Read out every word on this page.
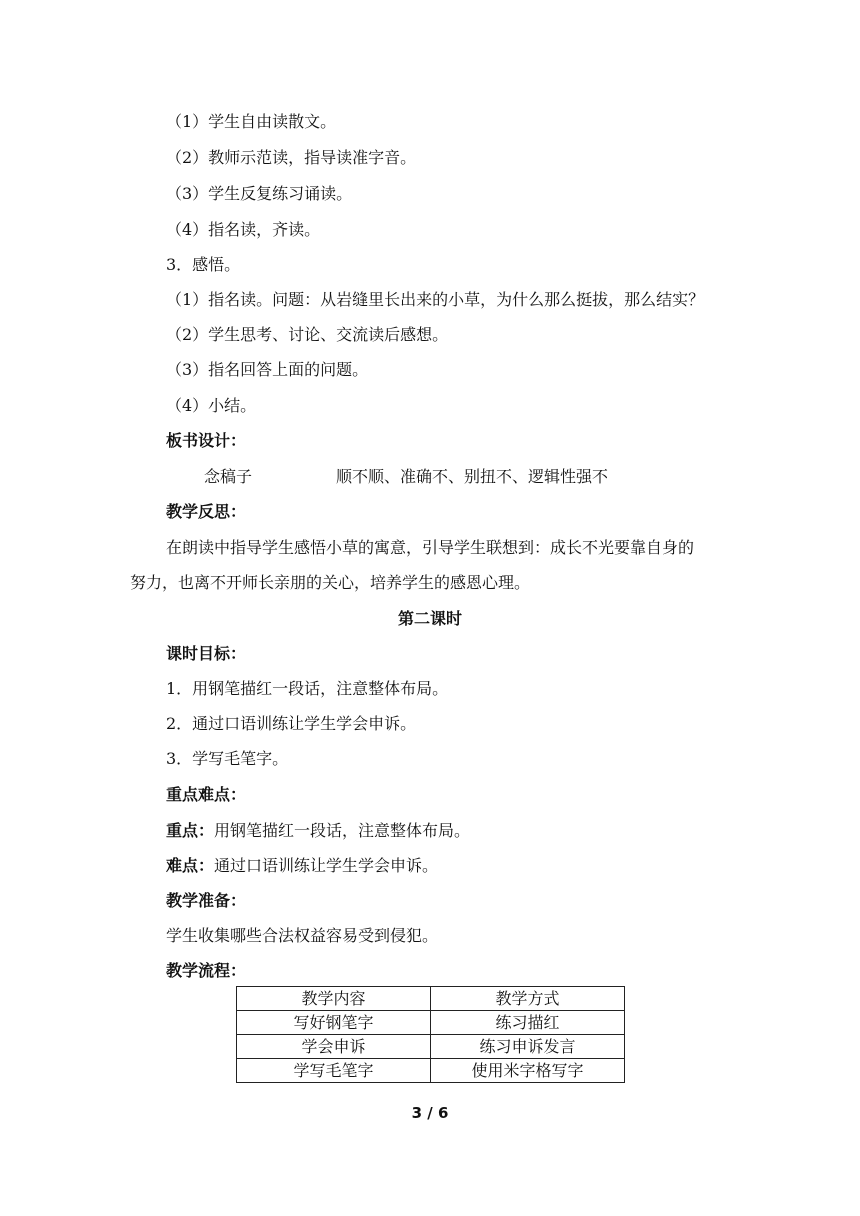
（1）学生自由读散文。
（2）教师示范读，指导读准字音。
（3）学生反复练习诵读。
（4）指名读，齐读。
3．感悟。
（1）指名读。问题：从岩缝里长出来的小草，为什么那么挺拔，那么结实？
（2）学生思考、讨论、交流读后感想。
（3）指名回答上面的问题。
（4）小结。
板书设计：
念稿子	顺不顺、准确不、别扭不、逻辑性强不
教学反思：
在朗读中指导学生感悟小草的寓意，引导学生联想到：成长不光要靠自身的
努力，也离不开师长亲朋的关心，培养学生的感恩心理。
第二课时
课时目标：
1．用钢笔描红一段话，注意整体布局。
2．通过口语训练让学生学会申诉。
3．学写毛笔字。
重点难点：
重点：用钢笔描红一段话，注意整体布局。
难点：通过口语训练让学生学会申诉。
教学准备：
学生收集哪些合法权益容易受到侵犯。
教学流程：
教学内容	教学方式
写好钢笔字	练习描红
学会申诉	练习申诉发言
学写毛笔字	使用米字格写字
3 / 6
